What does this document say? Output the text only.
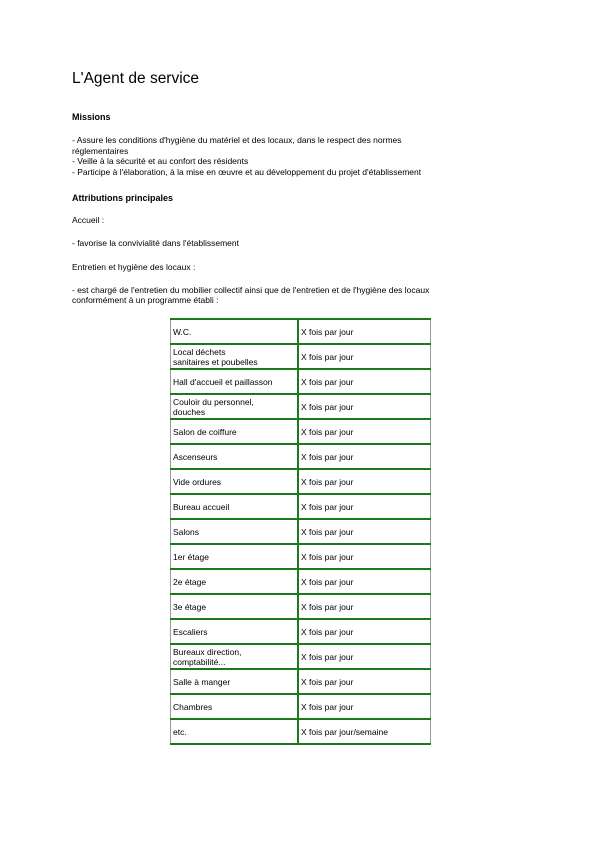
L'Agent de service
Missions
- Assure les conditions d'hygiène du matériel et des locaux, dans le respect des normes
réglementaires
- Veille à la sécurité et au confort des résidents
- Participe à l'élaboration, à la mise en œuvre et au développement du projet d'établissement
Attributions principales
Accueil :
- favorise la convivialité dans l'établissement
Entretien et hygiène des locaux :
- est chargé de l'entretien du mobilier collectif ainsi que de l'entretien et de l'hygiène des locaux
conformément à un programme établi :
W.C.	X fois par jour
Local déchets
sanitaires et poubelles	X fois par jour
Hall d'accueil et paillasson	X fois par jour
Couloir du personnel,
douches	X fois par jour
Salon de coiffure	X fois par jour
Ascenseurs	X fois par jour
Vide ordures	X fois par jour
Bureau accueil	X fois par jour
Salons	X fois par jour
1er étage	X fois par jour
2e étage	X fois par jour
3e étage	X fois par jour
Escaliers	X fois par jour
Bureaux direction,
comptabilité...	X fois par jour
Salle à manger	X fois par jour
Chambres	X fois par jour
etc.	X fois par jour/semaine
